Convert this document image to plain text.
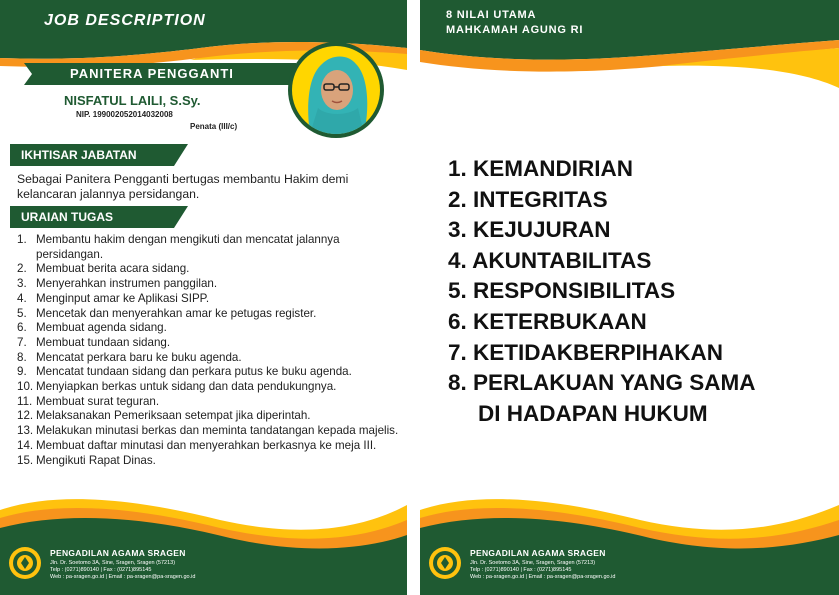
JOB DESCRIPTION
PANITERA PENGGANTI
NISFATUL LAILI, S.Sy.
NIP. 199002052014032008
Penata (III/c)
IKHTISAR JABATAN
Sebagai Panitera Pengganti bertugas membantu Hakim demi kelancaran jalannya persidangan.
URAIAN TUGAS
1. Membantu hakim dengan mengikuti dan mencatat jalannya persidangan.
2. Membuat berita acara sidang.
3. Menyerahkan instrumen panggilan.
4. Menginput amar ke Aplikasi SIPP.
5. Mencetak dan menyerahkan amar ke petugas register.
6. Membuat agenda sidang.
7. Membuat tundaan sidang.
8. Mencatat perkara baru ke buku agenda.
9. Mencatat tundaan sidang dan perkara putus ke buku agenda.
10. Menyiapkan berkas untuk sidang dan data pendukungnya.
11. Membuat surat teguran.
12. Melaksanakan Pemeriksaan setempat jika diperintah.
13. Melakukan minutasi berkas dan meminta tandatangan kepada majelis.
14. Membuat daftar minutasi dan menyerahkan berkasnya ke meja III.
15. Mengikuti Rapat Dinas.
PENGADILAN AGAMA SRAGEN
Jln. Dr. Soetomo 3A, Sine, Sragen, Sragen (57213)
Telp : (0271)890140 | Fax : (0271)895145
Web : pa-sragen.go.id | Email : pa-sragen@pa-sragen.go.id
8 NILAI UTAMA
MAHKAMAH AGUNG RI
1. KEMANDIRIAN
2. INTEGRITAS
3. KEJUJURAN
4. AKUNTABILITAS
5. RESPONSIBILITAS
6. KETERBUKAAN
7. KETIDAKBERPIHAKAN
8. PERLAKUAN YANG SAMA
DI HADAPAN HUKUM
PENGADILAN AGAMA SRAGEN
Jln. Dr. Soetomo 3A, Sine, Sragen, Sragen (57213)
Telp : (0271)890140 | Fax : (0271)895145
Web : pa-sragen.go.id | Email : pa-sragen@pa-sragen.go.id
